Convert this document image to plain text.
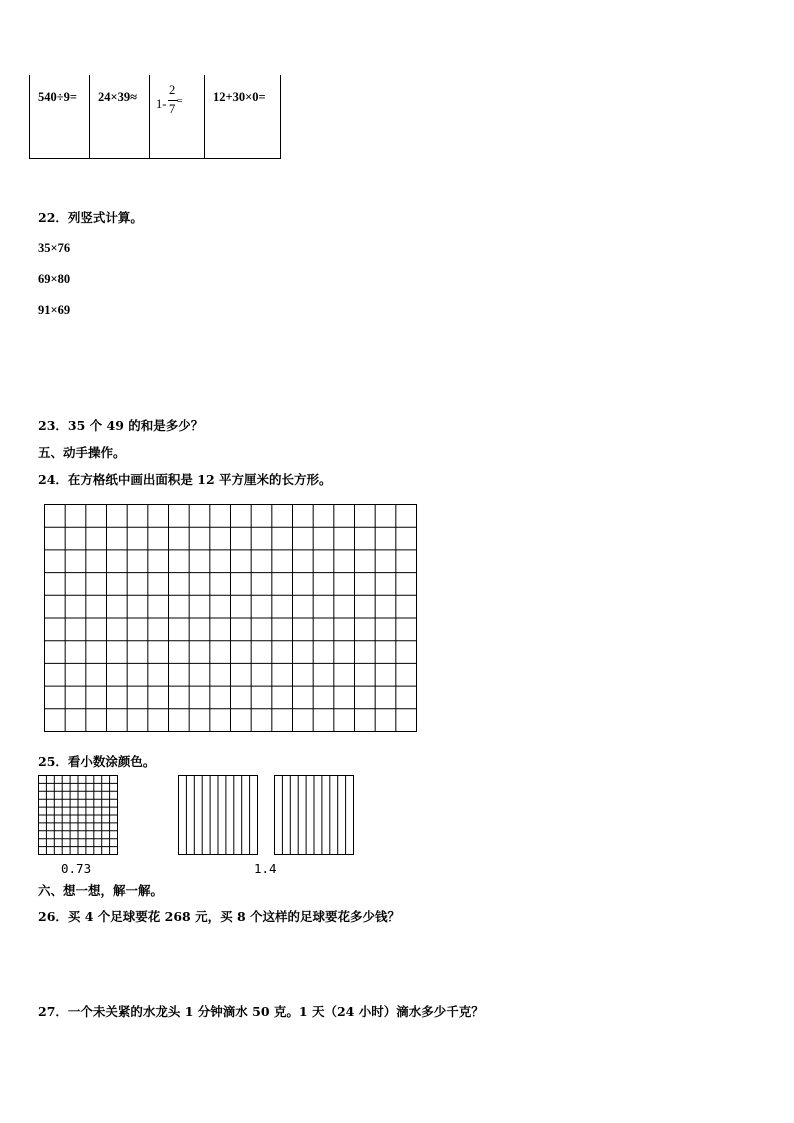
540÷9= 24×39≈ 1-
2
7
= 12+30×0=
22．列竖式计算。
35×76
69×80
91×69
23．35 个 49 的和是多少？
五、动手操作。
24．在方格纸中画出面积是 12 平方厘米的长方形。
25．看小数涂颜色。
0.73	1.4
六、想一想，解一解。
26．买 4 个足球要花 268 元，买 8 个这样的足球要花多少钱？
27．一个未关紧的水龙头 1 分钟滴水 50 克。1 天（24 小时）滴水多少千克？
